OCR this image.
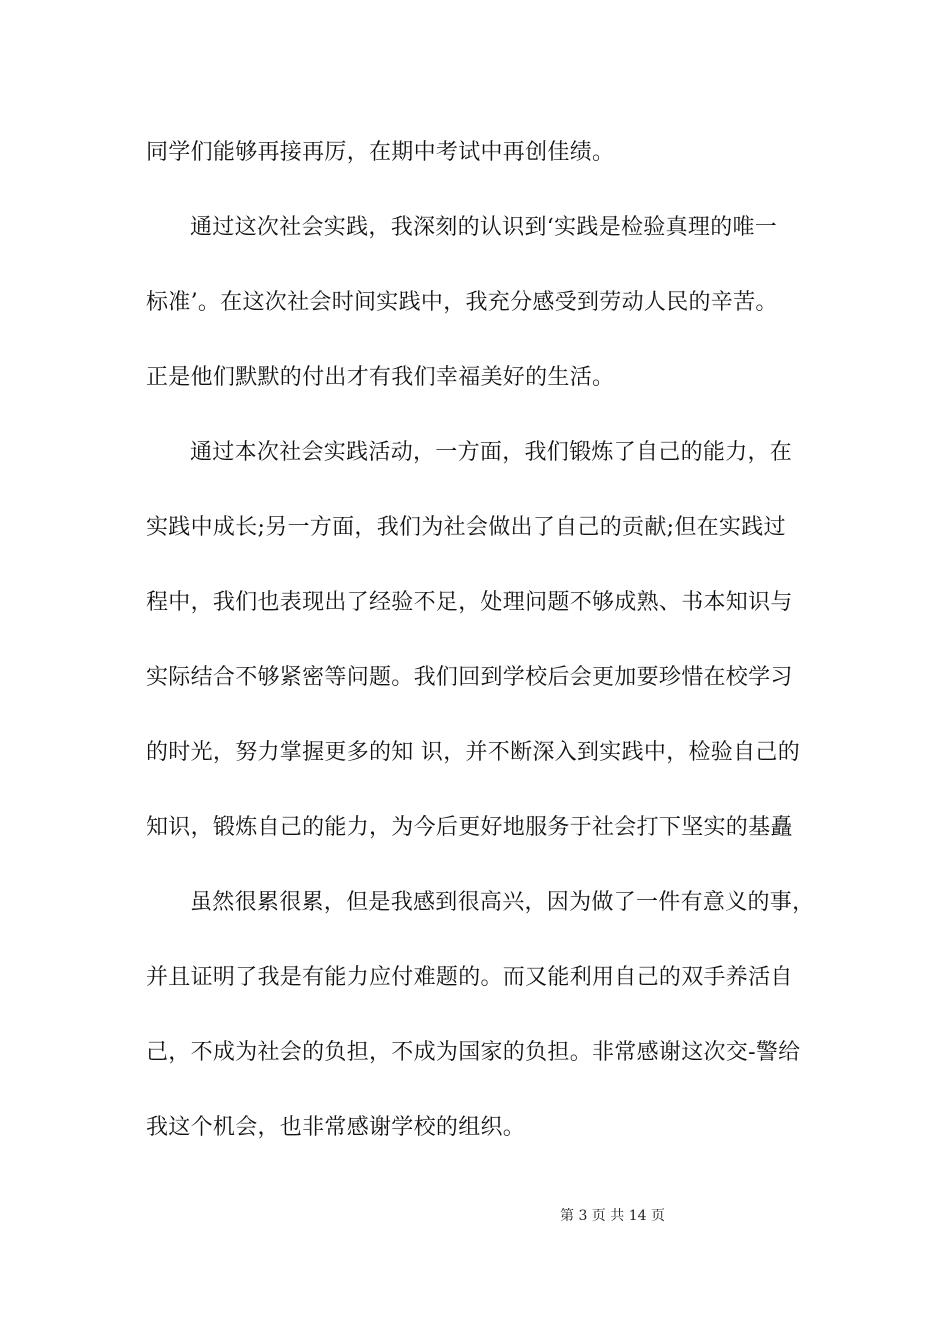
同学们能够再接再厉，在期中考试中再创佳绩。
通过这次社会实践，我深刻的认识到‘实践是检验真理的唯一
标准’。在这次社会时间实践中，我充分感受到劳动人民的辛苦。
正是他们默默的付出才有我们幸福美好的生活。
通过本次社会实践活动，一方面，我们锻炼了自己的能力，在
实践中成长;另一方面，我们为社会做出了自己的贡献;但在实践过
程中，我们也表现出了经验不足，处理问题不够成熟、书本知识与
实际结合不够紧密等问题。我们回到学校后会更加要珍惜在校学习
的时光，努力掌握更多的知 识，并不断深入到实践中，检验自己的
知识，锻炼自己的能力，为今后更好地服务于社会打下坚实的基矗
虽然很累很累，但是我感到很高兴，因为做了一件有意义的事，
并且证明了我是有能力应付难题的。而又能利用自己的双手养活自
己，不成为社会的负担，不成为国家的负担。非常感谢这次交-警给
我这个机会，也非常感谢学校的组织。
第 3 页 共 14 页
